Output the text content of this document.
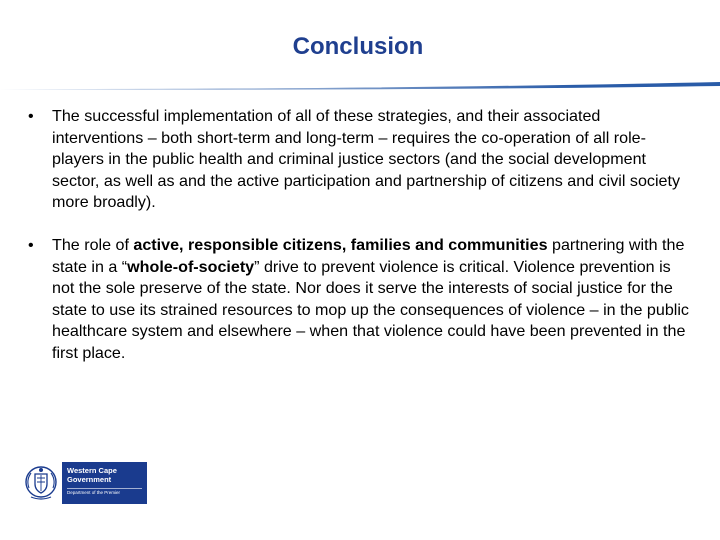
Conclusion
•	The successful implementation of all of these strategies, and their associated interventions – both short-term and long-term – requires the co-operation of all role-players in the public health and criminal justice sectors (and the social development sector, as well as and the active participation and partnership of citizens and civil society more broadly).
•	The role of active, responsible citizens, families and communities partnering with the state in a “whole-of-society” drive to prevent violence is critical. Violence prevention is not the sole preserve of the state. Nor does it serve the interests of social justice for the state to use its strained resources to mop up the consequences of violence – in the public healthcare system and elsewhere – when that violence could have been prevented in the first place.
Western Cape Government
Department of the Premier
